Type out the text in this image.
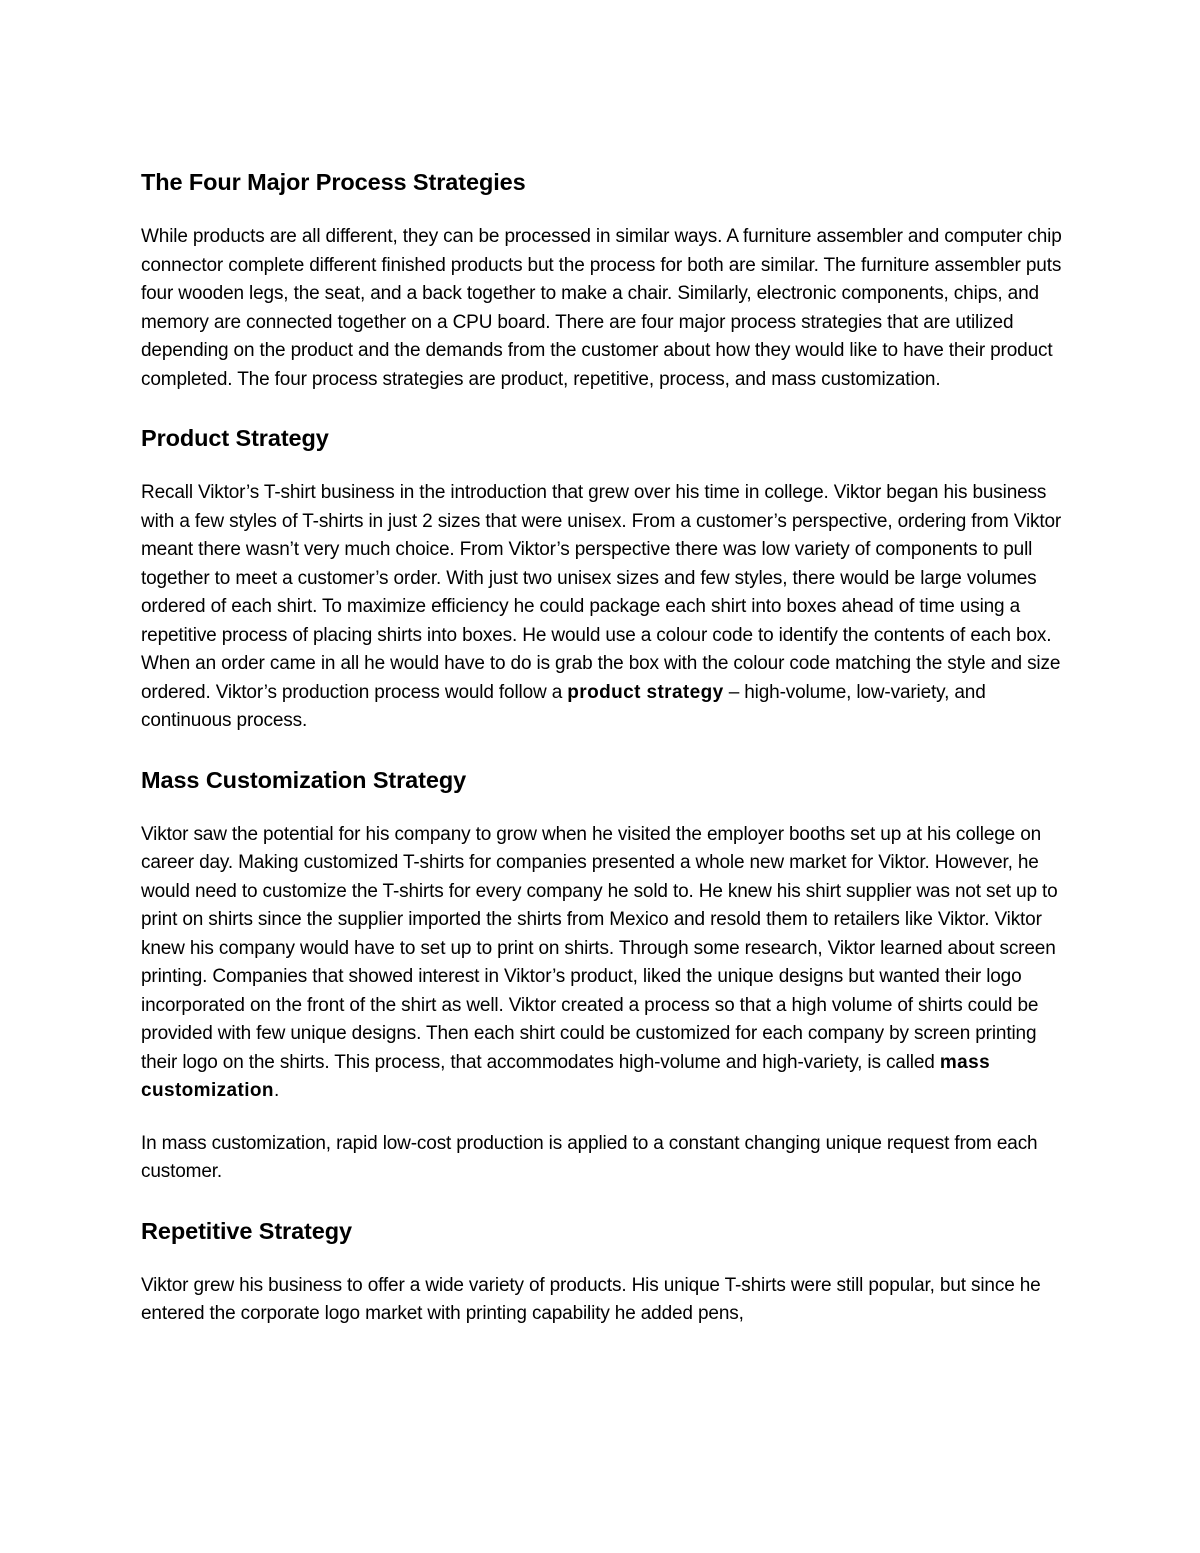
The Four Major Process Strategies

While products are all different, they can be processed in similar ways. A furniture assembler and computer chip connector complete different finished products but the process for both are similar. The furniture assembler puts four wooden legs, the seat, and a back together to make a chair. Similarly, electronic components, chips, and memory are connected together on a CPU board. There are four major process strategies that are utilized depending on the product and the demands from the customer about how they would like to have their product completed. The four process strategies are product, repetitive, process, and mass customization.

Product Strategy

Recall Viktor’s T-shirt business in the introduction that grew over his time in college. Viktor began his business with a few styles of T-shirts in just 2 sizes that were unisex. From a customer’s perspective, ordering from Viktor meant there wasn’t very much choice. From Viktor’s perspective there was low variety of components to pull together to meet a customer’s order. With just two unisex sizes and few styles, there would be large volumes ordered of each shirt. To maximize efficiency he could package each shirt into boxes ahead of time using a repetitive process of placing shirts into boxes. He would use a colour code to identify the contents of each box. When an order came in all he would have to do is grab the box with the colour code matching the style and size ordered. Viktor’s production process would follow a product strategy – high-volume, low-variety, and continuous process.

Mass Customization Strategy

Viktor saw the potential for his company to grow when he visited the employer booths set up at his college on career day. Making customized T-shirts for companies presented a whole new market for Viktor. However, he would need to customize the T-shirts for every company he sold to. He knew his shirt supplier was not set up to print on shirts since the supplier imported the shirts from Mexico and resold them to retailers like Viktor. Viktor knew his company would have to set up to print on shirts. Through some research, Viktor learned about screen printing. Companies that showed interest in Viktor’s product, liked the unique designs but wanted their logo incorporated on the front of the shirt as well. Viktor created a process so that a high volume of shirts could be provided with few unique designs. Then each shirt could be customized for each company by screen printing their logo on the shirts. This process, that accommodates high-volume and high-variety, is called mass customization.

In mass customization, rapid low-cost production is applied to a constant changing unique request from each customer.

Repetitive Strategy

Viktor grew his business to offer a wide variety of products. His unique T-shirts were still popular, but since he entered the corporate logo market with printing capability he added pens,
